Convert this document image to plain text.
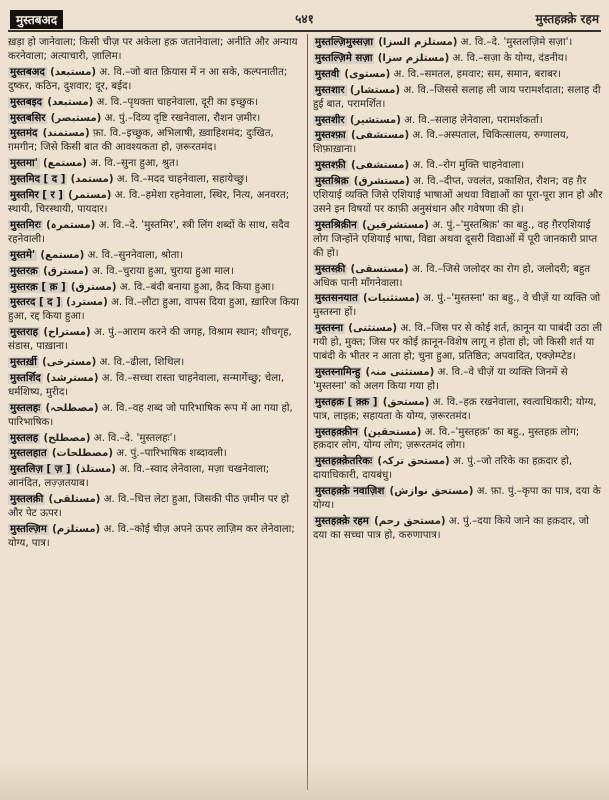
मुस्तबअद	५४१	मुस्तहक़्क़े रहम
ख़ड़ा हो जानेवाला; किसी चीज़ पर अकेला हक़ जतानेवाला; अनीति और अन्याय करनेवाला; अत्याचारी, ज़ालिम।
मुस्तबअद (مستبعد) अ. वि.–जो बात क़ियास में न आ सके, कल्पनातीत; दुष्कर, कठिन, दुशवार; दूर, बईद।
मुस्तबइद (مستبعد) अ. वि.–पृथक्ता चाहनेवाला, दूरी का इच्छुक।
मुस्तबसिर (مستبصر) अ. पुं.–दिव्य दृष्टि रखनेवाला, रौशन ज़मीर।
मुस्तमंद (مستمند) फ़ा. वि.–इच्छुक, अभिलाषी, ख़्वाहिशमंद; दुःखित, ग़मगीन; जिसे किसी बात की आवश्यकता हो, ज़रूरतमंद।
मुस्तमा' (مستمع) अ. वि.–सुना हुआ, श्रुत।
मुस्तमिद [ द ] (مستمد) अ. वि.–मदद चाहनेवाला, सहायेच्छु।
मुस्तमिर [ र ] (مستمر) अ. वि.–हमेशा रहनेवाला, स्थिर, नित्य, अनवरत; स्थायी, चिरस्थायी, पायदार।
मुस्तमिरः (مستمرہ) अ. वि.–दे. 'मुस्तमिर', स्त्री लिंग शब्दों के साथ, सदैव रहनेवाली।
मुस्तमे' (مستمع) अ. वि.–सुननेवाला, श्रोता।
मुस्तरक़ (مسترق) अ. वि.–चुराया हुआ, चुराया हुआ माल।
मुस्तरक़ [ क़ ] (مسترق) अ. वि.–बंदी बनाया हुआ, क़ैद किया हुआ।
मुस्तरद [ द ] (مسترد) अ. वि.–लौटा हुआ, वापस दिया हुआ, ख़ारिज किया हुआ, रद्द किया हुआ।
मुस्तराह (مستراح) अ. पुं.–आराम करने की जगह, विश्राम स्थान; शौचगृह, संडास, पाख़ाना।
मुस्तर्ख़ी (مسترخی) अ. वि.–ढीला, शिथिल।
मुस्तर्शिद (مسترشد) अ. वि.–सच्चा रास्ता चाहनेवाला, सन्मार्गेच्छु; चेला, धर्मशिष्य, मुरीद।
मुस्तलहः (مصطلحہ) अ. वि.–वह शब्द जो पारिभाषिक रूप में आ गया हो, पारिभाषिक।
मुस्तलह (مصطلح) अ. वि.–दे. 'मुस्तलहः'।
मुस्तलहात (مصطلحات) अ. पुं.–पारिभाषिक शब्दावली।
मुस्तलिज़ [ ज़ ] (مستلذ) अ. वि.–स्वाद लेनेवाला, मज़ा चखनेवाला; आनंदित, लज़्ज़तयाब।
मुस्तलक़ी (مستلقی) अ. वि.–चित्त लेटा हुआ, जिसकी पीठ ज़मीन पर हो और पेट ऊपर।
मुस्तल्ज़िम (مستلزم) अ. वि.–कोई चीज़ अपने ऊपर लाज़िम कर लेनेवाला; योग्य, पात्र।
मुस्तल्ज़िमुस्सज़ा (مستلزم السزا) अ. वि.–दे. 'मुस्तलज़िमे सज़ा'।
मुस्तल्ज़िमे सज़ा (مستلزم سزا) अ. वि.–सज़ा के योग्य, दंडनीय।
मुस्तवी (مستوی) अ. वि.–समतल, हमवार; सम, समान, बराबर।
मुस्तशार (مستشار) अ. वि.–जिससे सलाह ली जाय परामर्शदाता; सलाह दी हुई बात, परामर्शित।
मुस्तशीर (مستشیر) अ. वि.–सलाह लेनेवाला, परामर्शकर्ता।
मुस्तश्फ़ा (مستشفی) अ. वि.–अस्पताल, चिकित्सालय, रुग्णालय, शिफ़ाख़ाना।
मुस्तश्फ़ी (مستشفی) अ. वि.–रोग मुक्ति चाहनेवाला।
मुस्तश्रिक़ (مستشرق) अ. वि.–दीप्त, ज्वलंत, प्रकाशित, रौशन; वह ग़ैर एशियाई व्यक्ति जिसे एशियाई भाषाओं अथवा विद्याओं का पूरा-पूरा ज्ञान हो और उसने इन विषयों पर काफ़ी अनुसंधान और गवेषणा की हो।
मुस्तश्रिक़ीन (مستشرقین) अ. पुं.–'मुस्तश्रिक़' का बहु., वह ग़ैरएशियाई लोग जिन्होंने एशियाई भाषा, विद्या अथवा दूसरी विद्याओं में पूरी जानकारी प्राप्त की हो।
मुस्तस्क़ी (مستسقی) अ. वि.–जिसे जलोदर का रोग हो, जलोदरी; बहुत अधिक पानी माँगनेवाला।
मुस्तसनयात (مستثنیات) अ. पुं.–'मुस्तस्ना' का बहु., वे चीज़ें या व्यक्ति जो मुस्तस्ना हों।
मुस्तस्ना (مستثنی) अ. वि.–जिस पर से कोई शर्त, क़ानून या पाबंदी उठा ली गयी हो, मुक्त; जिस पर कोई क़ानून-विशेष लागू न होता हो; जो किसी शर्त या पाबंदी के भीतर न आता हो; चुना हुआ, प्रतिष्ठित; अपवादित, एक्ज़ेम्प्टेड।
मुस्तस्नामिन्हु (مستثنی منہ) अ. वि.–वे चीज़ें या व्यक्ति जिनमें से 'मुस्तस्ना' को अलग किया गया हो।
मुस्तहक़ [ क़्क़ ] (مستحق) अ. वि.–हक़ रखनेवाला, स्वत्वाधिकारी; योग्य, पात्र, लाइक़; सहायता के योग्य, ज़रूरतमंद।
मुस्तहक़्क़ीन (مستحقین) अ. वि.–'मुस्तहक़' का बहु., मुस्तहक़ लोग; हक़दार लोग, योग्य लोग; ज़रूरतमंद लोग।
मुस्तहक़्क़ेतरिकः (مستحق ترکہ) अ. पुं.–जो तरिके का हक़दार हो, दायाधिकारी, दायबंधु।
मुस्तहक़्क़े नवाज़िश (مستحق نوازش) अ. फ़ा. पुं.–कृपा का पात्र, दया के योग्य।
मुस्तहक़्क़े रहम (مستحق رحم) अ. पुं.–दया किये जाने का हक़दार, जो दया का सच्चा पात्र हो, करुणापात्र।
